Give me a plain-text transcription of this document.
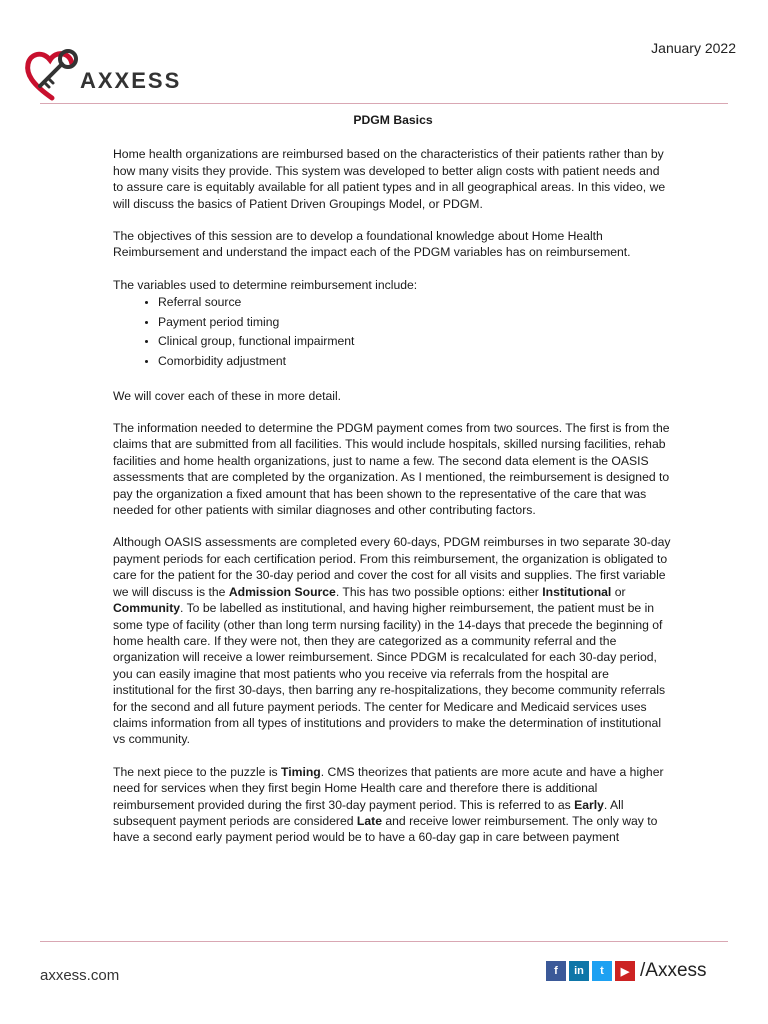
January 2022
AXXESS
PDGM Basics

Home health organizations are reimbursed based on the characteristics of their patients rather than by how many visits they provide. This system was developed to better align costs with patient needs and to assure care is equitably available for all patient types and in all geographical areas. In this video, we will discuss the basics of Patient Driven Groupings Model, or PDGM.

The objectives of this session are to develop a foundational knowledge about Home Health Reimbursement and understand the impact each of the PDGM variables has on reimbursement.

The variables used to determine reimbursement include:

• Referral source
• Payment period timing
• Clinical group, functional impairment
• Comorbidity adjustment

We will cover each of these in more detail.

The information needed to determine the PDGM payment comes from two sources. The first is from the claims that are submitted from all facilities. This would include hospitals, skilled nursing facilities, rehab facilities and home health organizations, just to name a few. The second data element is the OASIS assessments that are completed by the organization. As I mentioned, the reimbursement is designed to pay the organization a fixed amount that has been shown to the representative of the care that was needed for other patients with similar diagnoses and other contributing factors.

Although OASIS assessments are completed every 60-days, PDGM reimburses in two separate 30-day payment periods for each certification period. From this reimbursement, the organization is obligated to care for the patient for the 30-day period and cover the cost for all visits and supplies. The first variable we will discuss is the Admission Source. This has two possible options: either Institutional or Community. To be labelled as institutional, and having higher reimbursement, the patient must be in some type of facility (other than long term nursing facility) in the 14-days that precede the beginning of home health care. If they were not, then they are categorized as a community referral and the organization will receive a lower reimbursement. Since PDGM is recalculated for each 30-day period, you can easily imagine that most patients who you receive via referrals from the hospital are institutional for the first 30-days, then barring any re-hospitalizations, they become community referrals for the second and all future payment periods. The center for Medicare and Medicaid services uses claims information from all types of institutions and providers to make the determination of institutional vs community.

The next piece to the puzzle is Timing. CMS theorizes that patients are more acute and have a higher need for services when they first begin Home Health care and therefore there is additional reimbursement provided during the first 30-day payment period. This is referred to as Early. All subsequent payment periods are considered Late and receive lower reimbursement. The only way to have a second early payment period would be to have a 60-day gap in care between payment

axxess.com	f	in	t	▶ /Axxess
